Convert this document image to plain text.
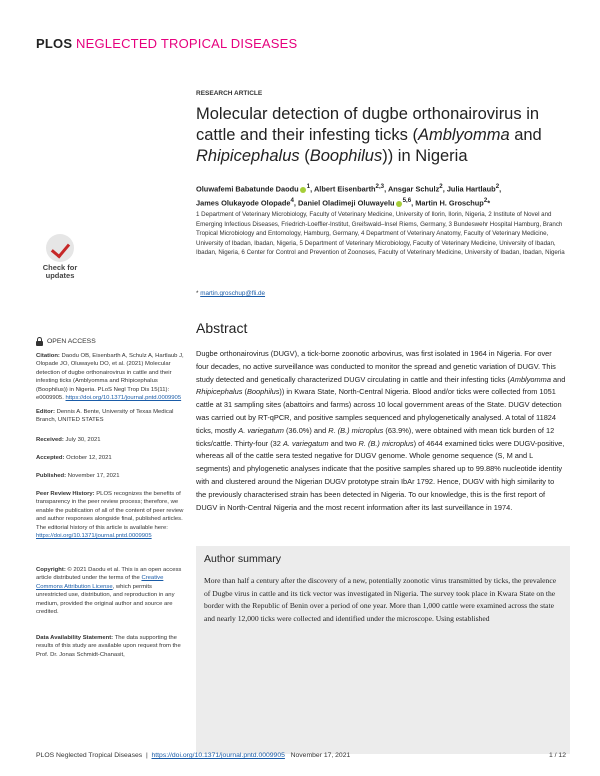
PLOS NEGLECTED TROPICAL DISEASES
RESEARCH ARTICLE
Molecular detection of dugbe orthonairovirus in cattle and their infesting ticks (Amblyomma and Rhipicephalus (Boophilus)) in Nigeria
Oluwafemi Babatunde Daodu $^1$, Albert Eisenbarth$^{2,3}$, Ansgar Schulz$^2$, Julia Hartlaub$^2$,
James Olukayode Olopade$^4$, Daniel Oladimeji Oluwayelu $^{5,6}$, Martin H. Groschup$^2$*
1 Department of Veterinary Microbiology, Faculty of Veterinary Medicine, University of Ilorin, Ilorin, Nigeria, 2 Institute of Novel and Emerging Infectious Diseases, Friedrich-Loeffler-Institut, Greifswald–Insel Riems, Germany, 3 Bundeswehr Hospital Hamburg, Branch Tropical Microbiology and Entomology, Hamburg, Germany, 4 Department of Veterinary Anatomy, Faculty of Veterinary Medicine, University of Ibadan, Ibadan, Nigeria, 5 Department of Veterinary Microbiology, Faculty of Veterinary Medicine, University of Ibadan, Ibadan, Nigeria, 6 Center for Control and Prevention of Zoonoses, Faculty of Veterinary Medicine, University of Ibadan, Ibadan, Nigeria
* martin.groschup@fli.de
Check for
updates
OPEN ACCESS
Citation: Daodu OB, Eisenbarth A, Schulz A, Hartlaub J, Olopade JO, Oluwayelu DO, et al. (2021) Molecular detection of dugbe orthonairovirus in cattle and their infesting ticks (Amblyomma and Rhipicephalus (Boophilus)) in Nigeria. PLoS Negl Trop Dis 15(11): e0009905. https://doi.org/10.1371/journal.pntd.0009905
Editor: Dennis A. Bente, University of Texas Medical Branch, UNITED STATES
Received: July 30, 2021
Accepted: October 12, 2021
Published: November 17, 2021
Peer Review History: PLOS recognizes the benefits of transparency in the peer review process; therefore, we enable the publication of all of the content of peer review and author responses alongside final, published articles. The editorial history of this article is available here: https://doi.org/10.1371/journal.pntd.0009905
Copyright: © 2021 Daodu et al. This is an open access article distributed under the terms of the Creative Commons Attribution License, which permits unrestricted use, distribution, and reproduction in any medium, provided the original author and source are credited.
Data Availability Statement: The data supporting the results of this study are available upon request from the Prof. Dr. Jonas Schmidt-Chanasit,
Abstract
Dugbe orthonairovirus (DUGV), a tick-borne zoonotic arbovirus, was first isolated in 1964 in Nigeria. For over four decades, no active surveillance was conducted to monitor the spread and genetic variation of DUGV. This study detected and genetically characterized DUGV circulating in cattle and their infesting ticks (Amblyomma and Rhipicephalus (Boophilus)) in Kwara State, North-Central Nigeria. Blood and/or ticks were collected from 1051 cattle at 31 sampling sites (abattoirs and farms) across 10 local government areas of the State. DUGV detection was carried out by RT-qPCR, and positive samples sequenced and phylogenetically analysed. A total of 11824 ticks, mostly A. variegatum (36.0%) and R. (B.) microplus (63.9%), were obtained with mean tick burden of 12 ticks/cattle. Thirty-four (32 A. variegatum and two R. (B.) microplus) of 4644 examined ticks were DUGV-positive, whereas all of the cattle sera tested negative for DUGV genome. Whole genome sequence (S, M and L segments) and phylogenetic analyses indicate that the positive samples shared up to 99.88% nucleotide identity with and clustered around the Nigerian DUGV prototype strain IbAr 1792. Hence, DUGV with high similarity to the previously characterised strain has been detected in Nigeria. To our knowledge, this is the first report of DUGV in North-Central Nigeria and the most recent information after its last surveillance in 1974.
Author summary
More than half a century after the discovery of a new, potentially zoonotic virus transmitted by ticks, the prevalence of Dugbe virus in cattle and its tick vector was investigated in Nigeria. The survey took place in Kwara State on the border with the Republic of Benin over a period of one year. More than 1,000 cattle were examined across the state and nearly 12,000 ticks were collected and identified under the microscope. Using established
PLOS Neglected Tropical Diseases  |  https://doi.org/10.1371/journal.pntd.0009905 November 17, 2021	1 / 12
